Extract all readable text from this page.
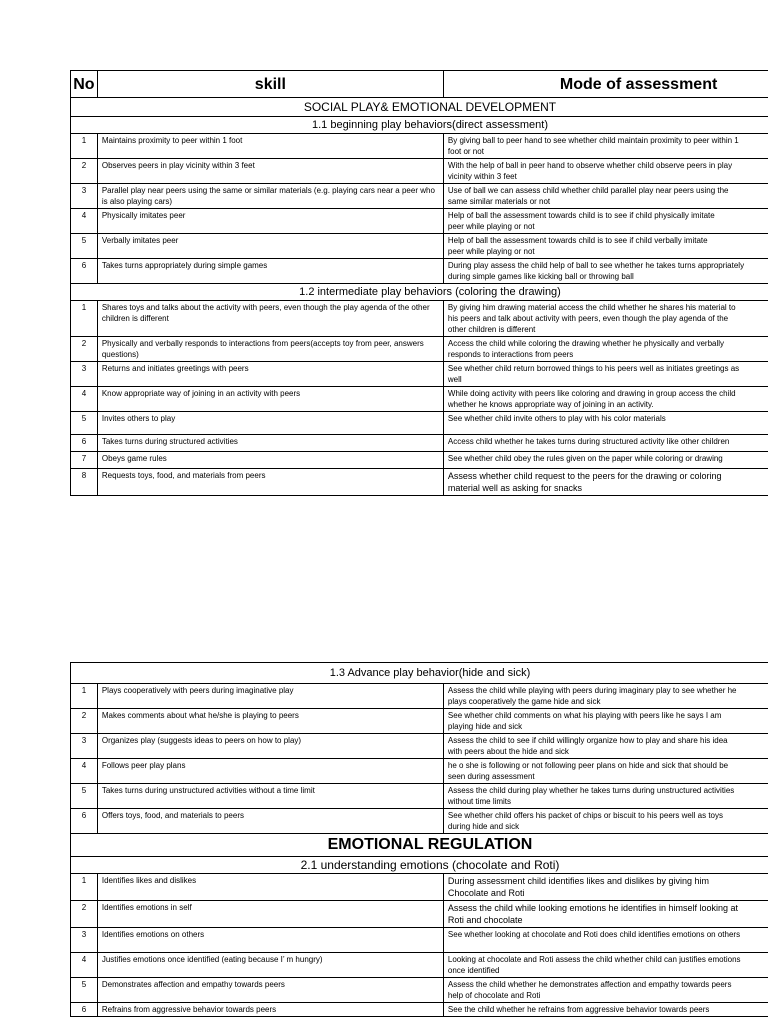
No	skill	Mode of assessment
SOCIAL PLAY& EMOTIONAL DEVELOPMENT		
1.1 beginning play behaviors(direct assessment)		
1	Maintains proximity to peer within 1 foot	By giving ball to peer hand to see whether child maintain proximity to peer within 1
foot or not

2	Observes peers in play vicinity within 3 feet	With the help of ball in peer hand to observe whether child observe peers in play
vicinity within 3 feet

3	Parallel play near peers using the same or similar materials (e.g. playing cars near a peer who is also playing cars)	Use of ball we can assess child whether child parallel play near peers using the
same similar materials or not

4	Physically imitates peer	Help of ball the assessment towards child is to see if child physically imitate
peer while playing or not

5	Verbally imitates peer	Help of ball the assessment towards child is to see if child verbally imitate
peer while playing or not

6	Takes turns appropriately during simple games	During play assess the child help of ball to see whether he takes turns appropriately
during simple games like kicking ball or throwing ball

1.2 intermediate play behaviors (coloring the drawing)		
1	Shares toys and talks about the activity with peers, even though the play agenda of the other children is different	By giving him drawing material access the child whether he shares his material to
his peers and talk about activity with peers, even though the play agenda of the
other children is different

2	Physically and verbally responds to interactions from peers(accepts toy from peer, answers questions)	Access the child while coloring the drawing whether he physically and verbally
responds to interactions from peers

3	Returns and initiates greetings with peers	See whether child return borrowed things to his peers well as initiates greetings as
well

4	Know appropriate way of joining in an activity with peers	While doing activity with peers like coloring and drawing in group access the child
whether he knows appropriate way of joining in an activity.

5	Invites others to play	See whether child invite others to play with his color materials
6	Takes turns during structured activities	Access child whether he takes turns during structured activity like other children
7	Obeys game rules	See whether child obey the rules given on the paper while coloring or drawing
8	Requests toys, food, and materials from peers	Assess whether child request to the peers for the drawing or coloring
material well as asking for snacks
1.3 Advance play behavior(hide and sick)		
1	Plays cooperatively with peers during imaginative play	Assess the child while playing with peers during imaginary play to see whether he
plays cooperatively the game hide and sick

2	Makes comments about what he/she is playing to peers	See whether child comments on what his playing with peers like he says I am
playing hide and sick

3	Organizes play (suggests ideas to peers on how to play)	Assess the child to see if child willingly organize how to play and share his idea
with peers about the hide and sick

4	Follows peer play plans	he o she is following or not following peer plans on hide and sick that should be
seen during assessment

5	Takes turns during unstructured activities without a time limit	Assess the child during play whether he takes turns during unstructured activities
without time limits

6	Offers toys, food, and materials to peers	See whether child offers his packet of chips or biscuit to his peers well as toys
during hide and sick

EMOTIONAL REGULATION		
2.1 understanding emotions (chocolate and Roti)		
1	Identifies likes and dislikes	During assessment child identifies likes and dislikes by giving him
Chocolate and Roti

2	Identifies emotions in self	Assess the child while looking emotions he identifies in himself looking at
Roti and chocolate

3	Identifies emotions on others	See whether looking at chocolate and Roti does child identifies emotions on others
4	Justifies emotions once identified (eating because I’ m hungry)	Looking at chocolate and Roti assess the child whether child can justifies emotions
once identified

5	Demonstrates affection and empathy towards peers	Assess the child whether he demonstrates affection and empathy towards peers
help of chocolate and Roti

6	Refrains from aggressive behavior towards peers	See the child whether he refrains from aggressive behavior towards peers
